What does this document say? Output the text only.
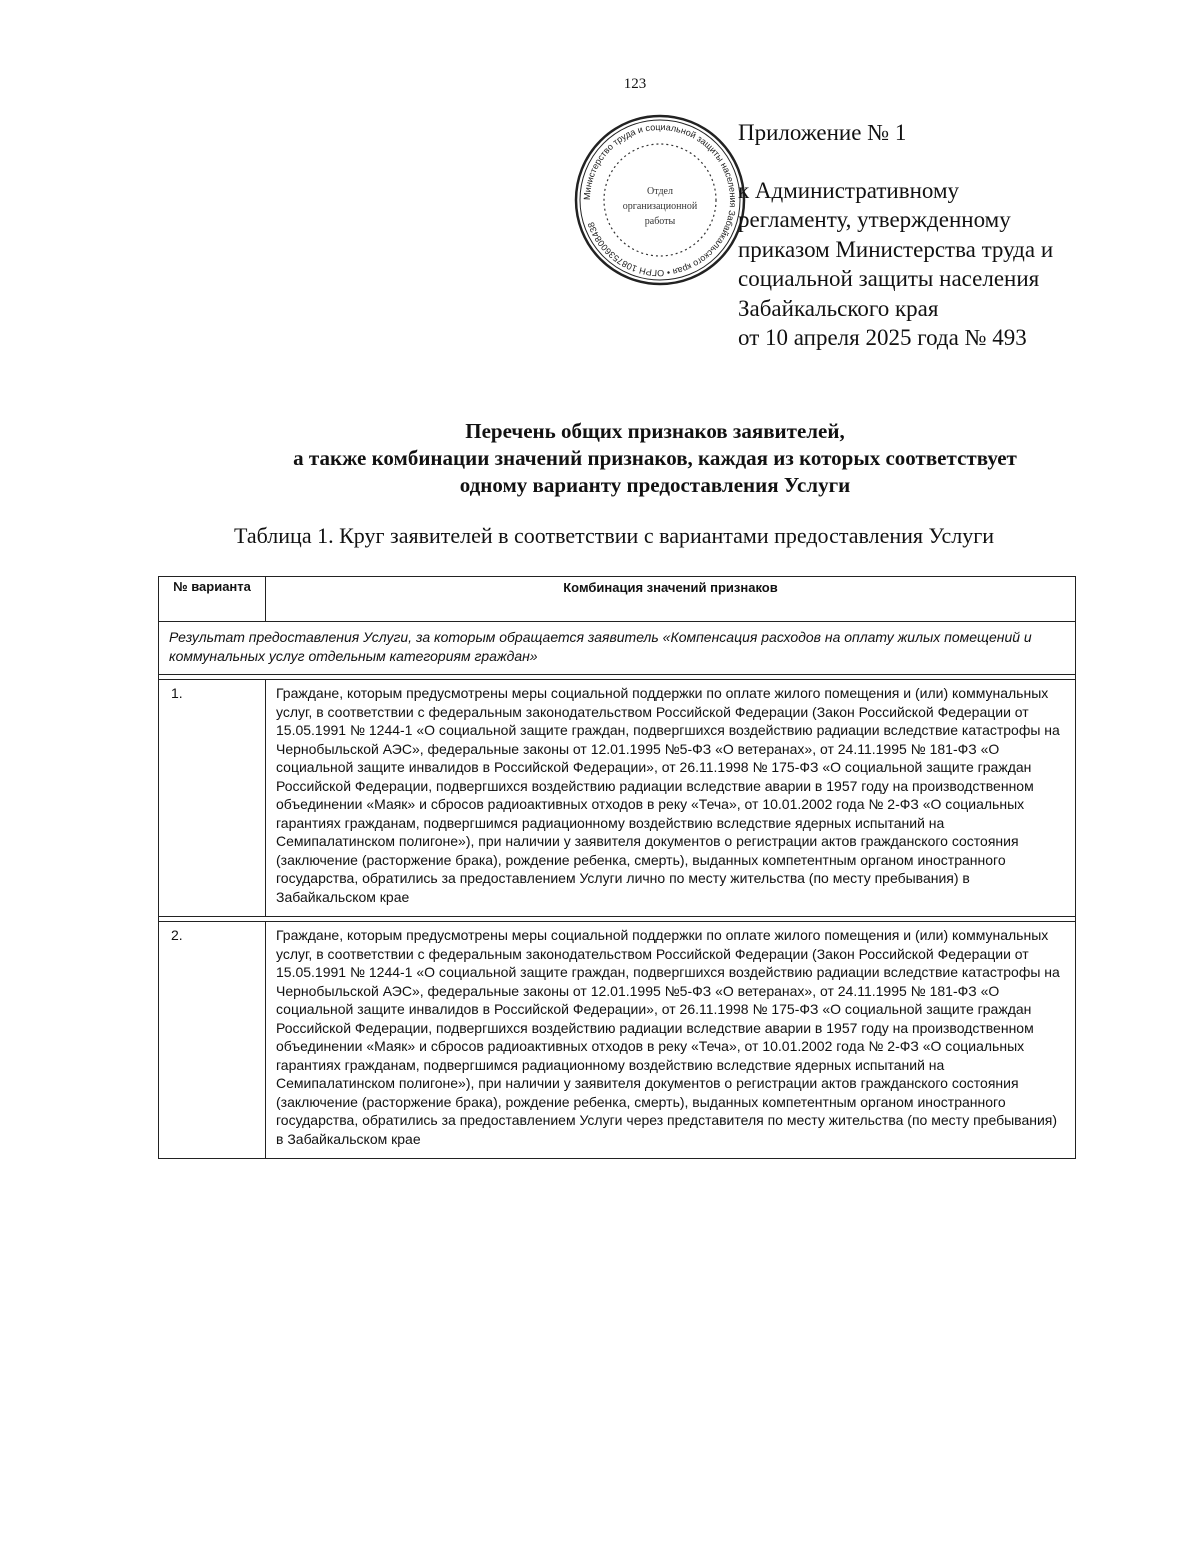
123
Министерство труда и социальной защиты населения Забайкальского края • ОГРН 1087536008438
Отдел
организационной
работы
Приложение № 1
к Административному
регламенту, утвержденному
приказом Министерства труда и
социальной защиты населения
Забайкальского края
от 10 апреля 2025 года № 493
Перечень общих признаков заявителей,
а также комбинации значений признаков, каждая из которых соответствует
одному варианту предоставления Услуги
Таблица 1. Круг заявителей в соответствии с вариантами предоставления Услуги
№ варианта	Комбинация значений признаков
Результат предоставления Услуги, за которым обращается заявитель «Компенсация расходов на оплату жилых помещений и коммунальных услуг отдельным категориям граждан»	

1.	Граждане, которым предусмотрены меры социальной поддержки по оплате жилого помещения и (или) коммунальных услуг, в соответствии с федеральным законодательством Российской Федерации (Закон Российской Федерации от 15.05.1991 № 1244-1 «О социальной защите граждан, подвергшихся воздействию радиации вследствие катастрофы на Чернобыльской АЭС», федеральные законы от 12.01.1995 №5-ФЗ «О ветеранах», от 24.11.1995 № 181-ФЗ «О социальной защите инвалидов в Российской Федерации», от 26.11.1998 № 175-ФЗ «О социальной защите граждан Российской Федерации, подвергшихся воздействию радиации вследствие аварии в 1957 году на производственном объединении «Маяк» и сбросов радиоактивных отходов в реку «Теча», от 10.01.2002 года № 2-ФЗ «О социальных гарантиях гражданам, подвергшимся радиационному воздействию вследствие ядерных испытаний на Семипалатинском полигоне»), при наличии у заявителя документов о регистрации актов гражданского состояния (заключение (расторжение брака), рождение ребенка, смерть), выданных компетентным органом иностранного государства, обратились за предоставлением Услуги лично по месту жительства (по месту пребывания) в Забайкальском крае

2.	Граждане, которым предусмотрены меры социальной поддержки по оплате жилого помещения и (или) коммунальных услуг, в соответствии с федеральным законодательством Российской Федерации (Закон Российской Федерации от 15.05.1991 № 1244-1 «О социальной защите граждан, подвергшихся воздействию радиации вследствие катастрофы на Чернобыльской АЭС», федеральные законы от 12.01.1995 №5-ФЗ «О ветеранах», от 24.11.1995 № 181-ФЗ «О социальной защите инвалидов в Российской Федерации», от 26.11.1998 № 175-ФЗ «О социальной защите граждан Российской Федерации, подвергшихся воздействию радиации вследствие аварии в 1957 году на производственном объединении «Маяк» и сбросов радиоактивных отходов в реку «Теча», от 10.01.2002 года № 2-ФЗ «О социальных гарантиях гражданам, подвергшимся радиационному воздействию вследствие ядерных испытаний на Семипалатинском полигоне»), при наличии у заявителя документов о регистрации актов гражданского состояния (заключение (расторжение брака), рождение ребенка, смерть), выданных компетентным органом иностранного государства, обратились за предоставлением Услуги через представителя по месту жительства (по месту пребывания) в Забайкальском крае
